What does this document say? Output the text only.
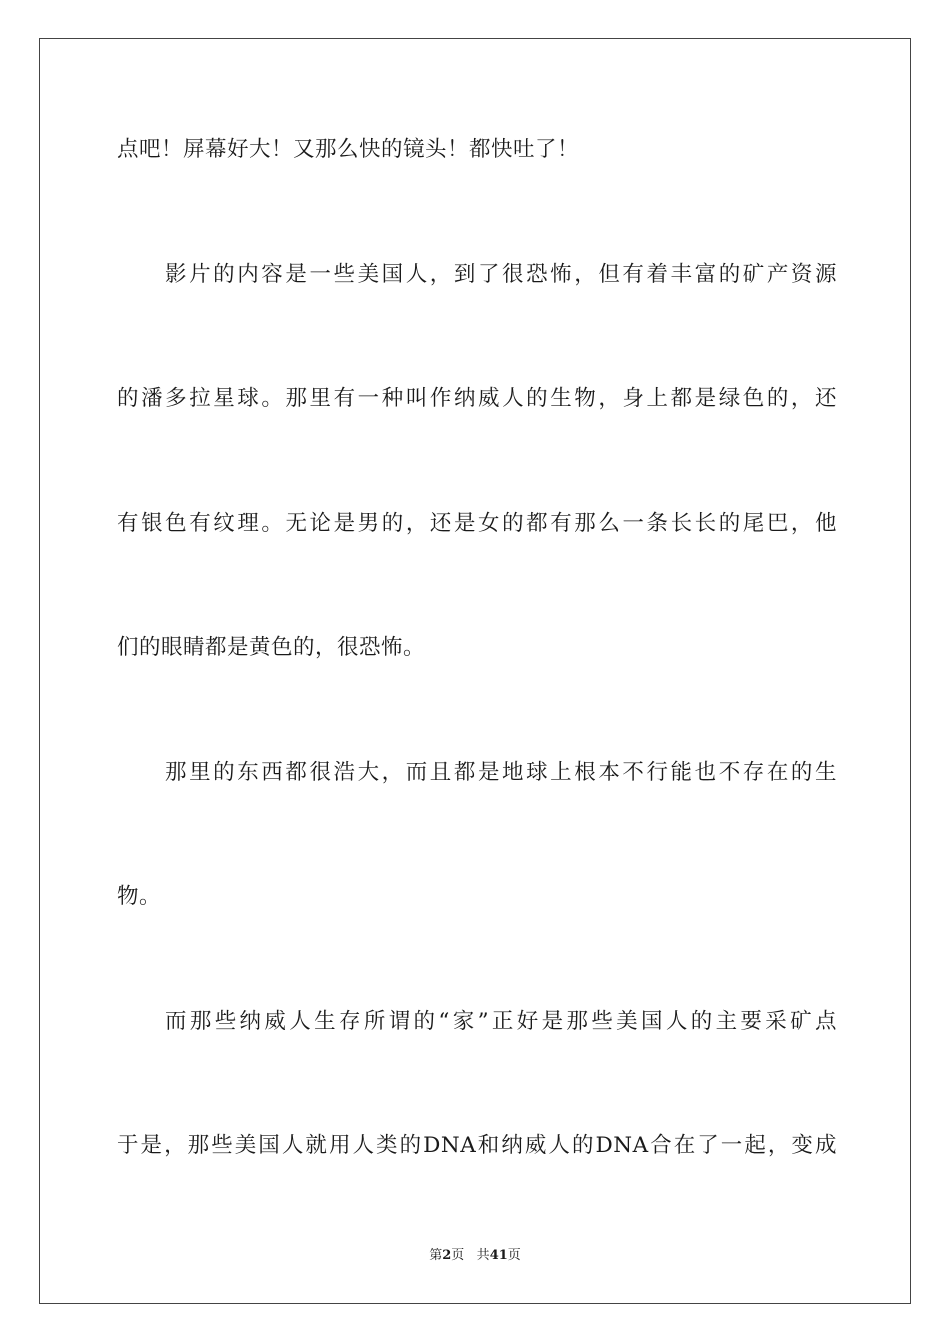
点吧！屏幕好大！又那么快的镜头！都快吐了！
影片的内容是一些美国人，到了很恐怖，但有着丰富的矿产资源
的潘多拉星球。那里有一种叫作纳威人的生物，身上都是绿色的，还
有银色有纹理。无论是男的，还是女的都有那么一条长长的尾巴，他
们的眼睛都是黄色的，很恐怖。
那里的东西都很浩大，而且都是地球上根本不行能也不存在的生
物。
而那些纳威人生存所谓的“家”正好是那些美国人的主要采矿点
于是，那些美国人就用人类的DNA和纳威人的DNA合在了一起，变成
第2页 共41页
